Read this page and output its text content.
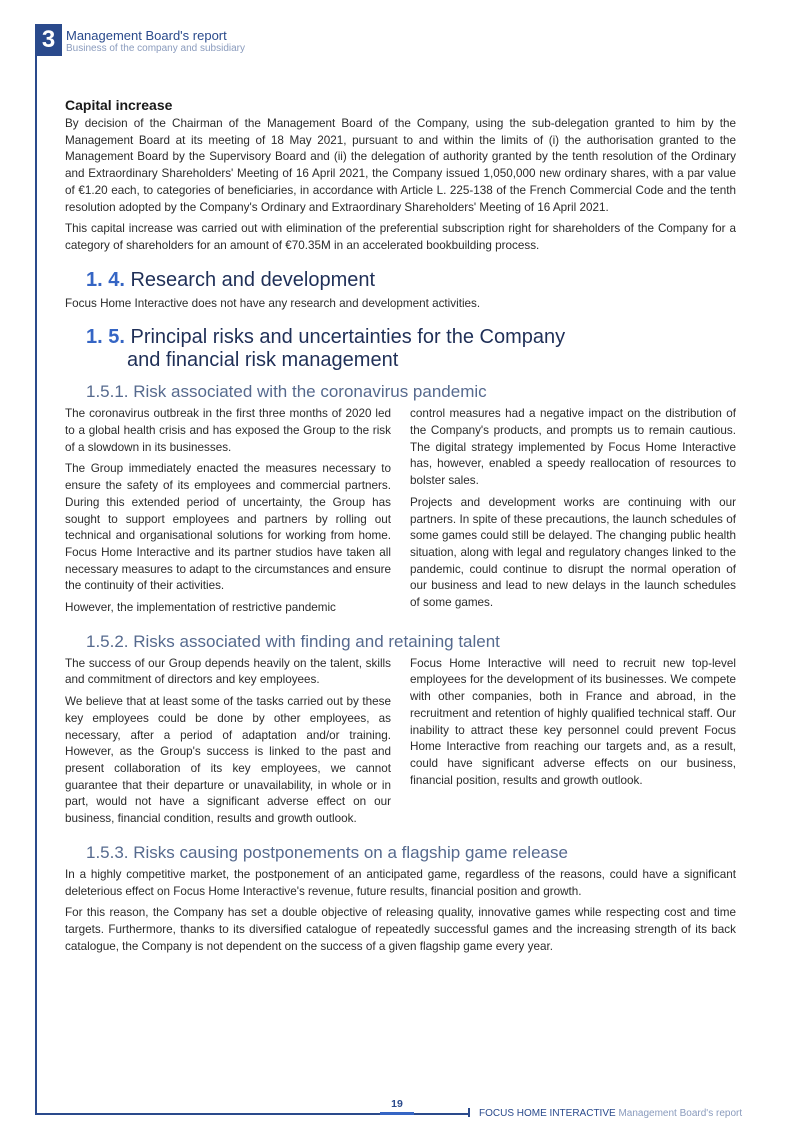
3 Management Board's report
Business of the company and subsidiary
Capital increase

By decision of the Chairman of the Management Board of the Company, using the sub-delegation granted to him by the Management Board at its meeting of 18 May 2021, pursuant to and within the limits of (i) the authorisation granted to the Management Board by the Supervisory Board and (ii) the delegation of authority granted by the tenth resolution of the Ordinary and Extraordinary Shareholders' Meeting of 16 April 2021, the Company issued 1,050,000 new ordinary shares, with a par value of €1.20 each, to categories of beneficiaries, in accordance with Article L. 225-138 of the French Commercial Code and the tenth resolution adopted by the Company's Ordinary and Extraordinary Shareholders' Meeting of 16 April 2021.

This capital increase was carried out with elimination of the preferential subscription right for shareholders of the Company for a category of shareholders for an amount of €70.35M in an accelerated bookbuilding process.

1. 4. Research and development

Focus Home Interactive does not have any research and development activities.

1. 5. Principal risks and uncertainties for the Company
and financial risk management
1.5.1. Risk associated with the coronavirus pandemic

The coronavirus outbreak in the first three months of 2020 led to a global health crisis and has exposed the Group to the risk of a slowdown in its businesses.

The Group immediately enacted the measures necessary to ensure the safety of its employees and commercial partners. During this extended period of uncertainty, the Group has sought to support employees and partners by rolling out technical and organisational solutions for working from home. Focus Home Interactive and its partner studios have taken all necessary measures to adapt to the circumstances and ensure the continuity of their activities.

However, the implementation of restrictive pandemic

control measures had a negative impact on the distribution of the Company's products, and prompts us to remain cautious. The digital strategy implemented by Focus Home Interactive has, however, enabled a speedy reallocation of resources to bolster sales.

Projects and development works are continuing with our partners. In spite of these precautions, the launch schedules of some games could still be delayed. The changing public health situation, along with legal and regulatory changes linked to the pandemic, could continue to disrupt the normal operation of our business and lead to new delays in the launch schedules of some games.

1.5.2. Risks associated with finding and retaining talent

The success of our Group depends heavily on the talent, skills and commitment of directors and key employees.

We believe that at least some of the tasks carried out by these key employees could be done by other employees, as necessary, after a period of adaptation and/or training. However, as the Group's success is linked to the past and present collaboration of its key employees, we cannot guarantee that their departure or unavailability, in whole or in part, would not have a significant adverse effect on our business, financial condition, results and growth outlook.

Focus Home Interactive will need to recruit new top-level employees for the development of its businesses. We compete with other companies, both in France and abroad, in the recruitment and retention of highly qualified technical staff. Our inability to attract these key personnel could prevent Focus Home Interactive from reaching our targets and, as a result, could have significant adverse effects on our business, financial position, results and growth outlook.

1.5.3. Risks causing postponements on a flagship game release

In a highly competitive market, the postponement of an anticipated game, regardless of the reasons, could have a significant deleterious effect on Focus Home Interactive's revenue, future results, financial position and growth.

For this reason, the Company has set a double objective of releasing quality, innovative games while respecting cost and time targets. Furthermore, thanks to its diversified catalogue of repeatedly successful games and the increasing strength of its back catalogue, the Company is not dependent on the success of a given flagship game every year.

19
FOCUS HOME INTERACTIVE Management Board's report
